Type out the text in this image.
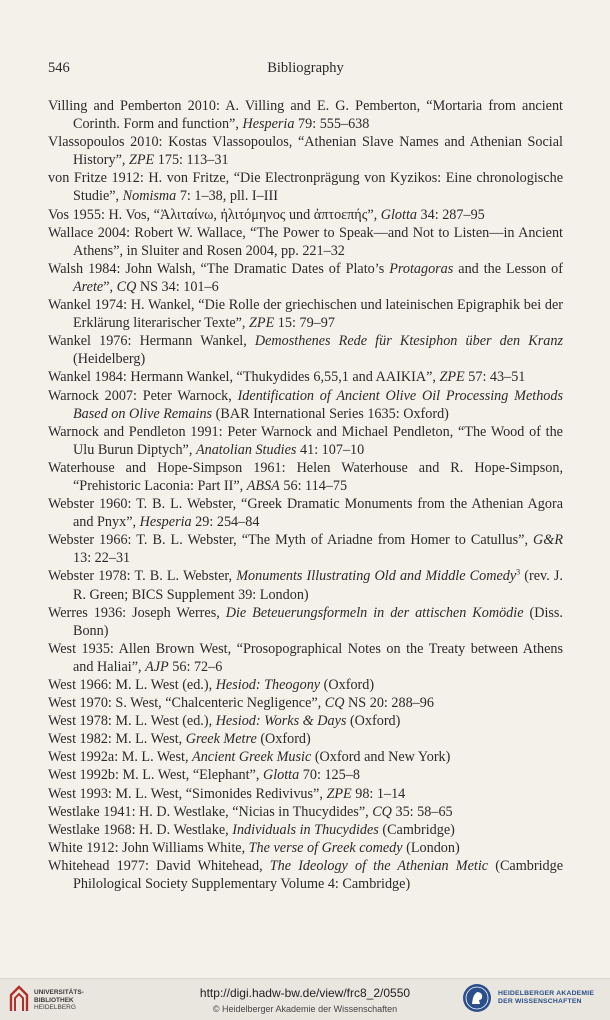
546	Bibliography

Villing and Pemberton 2010: A. Villing and E. G. Pemberton, “Mortaria from ancient Corinth. Form and function”, Hesperia 79: 555–638

Vlassopoulos 2010: Kostas Vlassopoulos, “Athenian Slave Names and Athenian Social History”, ZPE 175: 113–31

von Fritze 1912: H. von Fritze, “Die Electronprägung von Kyzikos: Eine chronologische Studie”, Nomisma 7: 1–38, pll. I–III

Vos 1955: H. Vos, “Ἀλιταίνω, ἠλιτόμηνος und ἀπτοεπής”, Glotta 34: 287–95

Wallace 2004: Robert W. Wallace, “The Power to Speak—and Not to Listen—in Ancient Athens”, in Sluiter and Rosen 2004, pp. 221–32

Walsh 1984: John Walsh, “The Dramatic Dates of Plato’s Protagoras and the Lesson of Arete”, CQ NS 34: 101–6

Wankel 1974: H. Wankel, “Die Rolle der griechischen und lateinischen Epigraphik bei der Erklärung literarischer Texte”, ZPE 15: 79–97

Wankel 1976: Hermann Wankel, Demosthenes Rede für Ktesiphon über den Kranz (Heidelberg)

Wankel 1984: Hermann Wankel, “Thukydides 6,55,1 and AAIKIA”, ZPE 57: 43–51

Warnock 2007: Peter Warnock, Identification of Ancient Olive Oil Processing Methods Based on Olive Remains (BAR International Series 1635: Oxford)

Warnock and Pendleton 1991: Peter Warnock and Michael Pendleton, “The Wood of the Ulu Burun Diptych”, Anatolian Studies 41: 107–10

Waterhouse and Hope-Simpson 1961: Helen Waterhouse and R. Hope-Simpson, “Prehistoric Laconia: Part II”, ABSA 56: 114–75

Webster 1960: T. B. L. Webster, “Greek Dramatic Monuments from the Athenian Agora and Pnyx”, Hesperia 29: 254–84

Webster 1966: T. B. L. Webster, “The Myth of Ariadne from Homer to Catullus”, G&R 13: 22–31

Webster 1978: T. B. L. Webster, Monuments Illustrating Old and Middle Comedy$^3$ (rev. J. R. Green; BICS Supplement 39: London)

Werres 1936: Joseph Werres, Die Beteuerungsformeln in der attischen Komödie (Diss. Bonn)

West 1935: Allen Brown West, “Prosopographical Notes on the Treaty between Athens and Haliai”, AJP 56: 72–6

West 1966: M. L. West (ed.), Hesiod: Theogony (Oxford)

West 1970: S. West, “Chalcenteric Negligence”, CQ NS 20: 288–96

West 1978: M. L. West (ed.), Hesiod: Works & Days (Oxford)

West 1982: M. L. West, Greek Metre (Oxford)

West 1992a: M. L. West, Ancient Greek Music (Oxford and New York)

West 1992b: M. L. West, “Elephant”, Glotta 70: 125–8

West 1993: M. L. West, “Simonides Redivivus”, ZPE 98: 1–14

Westlake 1941: H. D. Westlake, “Nicias in Thucydides”, CQ 35: 58–65

Westlake 1968: H. D. Westlake, Individuals in Thucydides (Cambridge)

White 1912: John Williams White, The verse of Greek comedy (London)

Whitehead 1977: David Whitehead, The Ideology of the Athenian Metic (Cambridge Philological Society Supplementary Volume 4: Cambridge)

UNIVERSITÄTS-
BIBLIOTHEK
HEIDELBERG
http://digi.hadw-bw.de/view/frc8_2/0550
© Heidelberger Akademie der Wissenschaften
HEIDELBERGER AKADEMIE
DER WISSENSCHAFTEN
